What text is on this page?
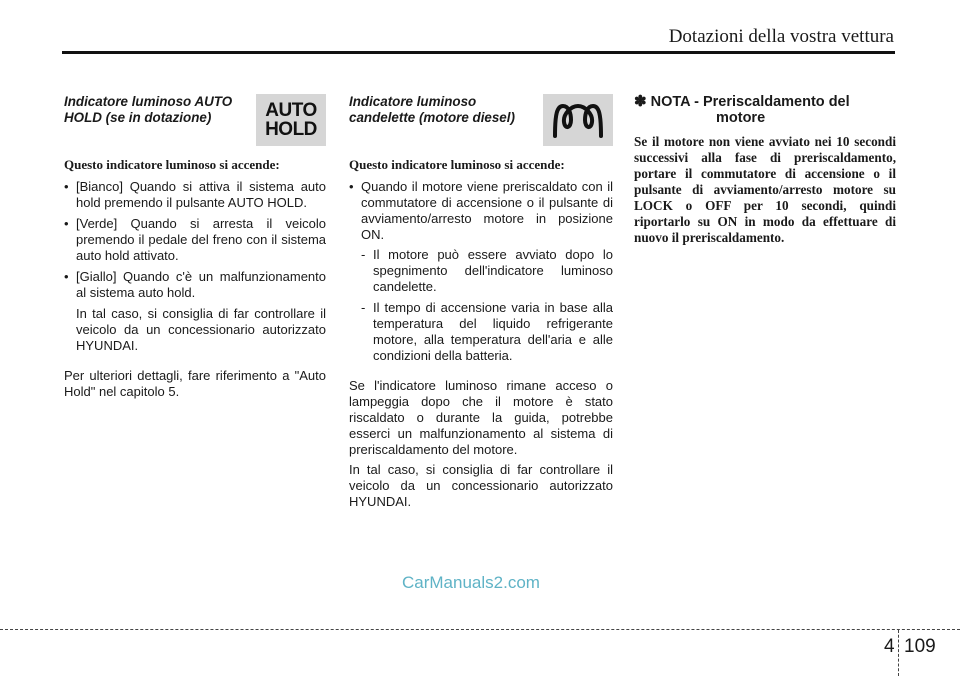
Dotazioni della vostra vettura
Indicatore luminoso AUTO HOLD (se in dotazione)	AUTO
HOLD
Questo indicatore luminoso si accende:
• [Bianco] Quando si attiva il sistema auto hold premendo il pulsante AUTO HOLD.
• [Verde] Quando si arresta il veicolo premendo il pedale del freno con il sistema auto hold attivato.
• [Giallo] Quando c'è un malfunzionamento al sistema auto hold.
In tal caso, si consiglia di far controllare il veicolo da un concessionario autorizzato HYUNDAI.
Per ulteriori dettagli, fare riferimento a "Auto Hold" nel capitolo 5.
Indicatore luminoso candelette (motore diesel)
Questo indicatore luminoso si accende:
• Quando il motore viene preriscaldato con il commutatore di accensione o il pulsante di avviamento/arresto motore in posizione ON.
- Il motore può essere avviato dopo lo spegnimento dell'indicatore luminoso candelette.
- Il tempo di accensione varia in base alla temperatura del liquido refrigerante motore, alla temperatura dell'aria e alle condizioni della batteria.
Se l'indicatore luminoso rimane acceso o lampeggia dopo che il motore è stato riscaldato o durante la guida, potrebbe esserci un malfunzionamento al sistema di preriscaldamento del motore.
In tal caso, si consiglia di far controllare il veicolo da un concessionario autorizzato HYUNDAI.
✽ NOTA - Preriscaldamento del
motore
Se il motore non viene avviato nei 10 secondi successivi alla fase di preriscaldamento, portare il commutatore di accensione o il pulsante di avviamento/arresto motore su LOCK o OFF per 10 secondi, quindi riportarlo su ON in modo da effettuare di nuovo il preriscaldamento.
CarManuals2.com
4 109
